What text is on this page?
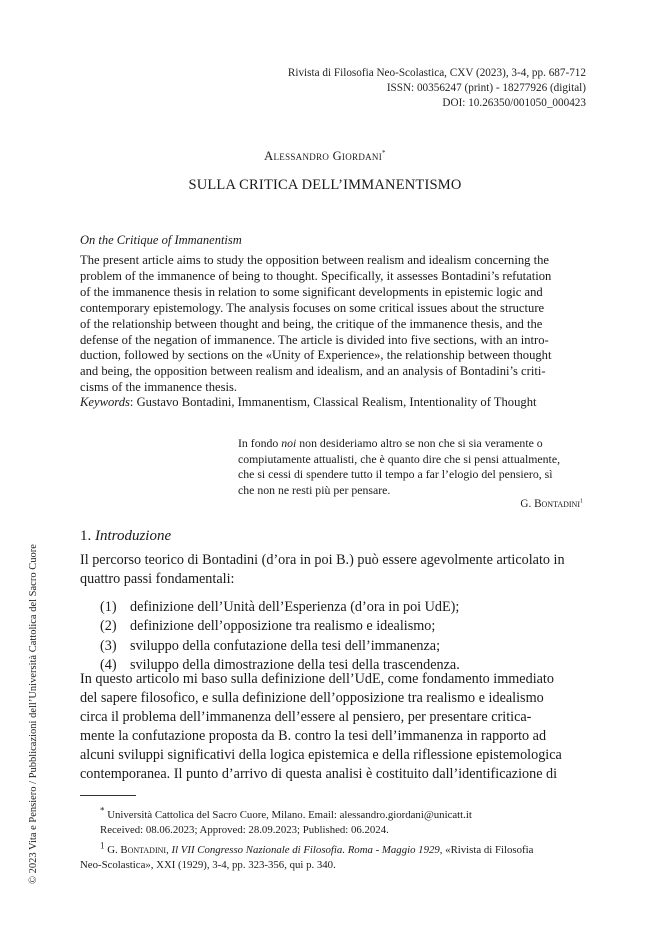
Rivista di Filosofia Neo-Scolastica, CXV (2023), 3-4, pp. 687-712
ISSN: 00356247 (print) - 18277926 (digital)
DOI: 10.26350/001050_000423
Alessandro Giordani*
SULLA CRITICA DELL’IMMANENTISMO
On the Critique of Immanentism
The present article aims to study the opposition between realism and idealism concerning the
problem of the immanence of being to thought. Specifically, it assesses Bontadini’s refutation
of the immanence thesis in relation to some significant developments in epistemic logic and
contemporary epistemology. The analysis focuses on some critical issues about the structure
of the relationship between thought and being, the critique of the immanence thesis, and the
defense of the negation of immanence. The article is divided into five sections, with an intro-
duction, followed by sections on the «Unity of Experience», the relationship between thought
and being, the opposition between realism and idealism, and an analysis of Bontadini’s criti-
cisms of the immanence thesis.
Keywords: Gustavo Bontadini, Immanentism, Classical Realism, Intentionality of Thought
In fondo noi non desideriamo altro se non che si sia veramente o
compiutamente attualisti, che è quanto dire che si pensi attualmente,
che si cessi di spendere tutto il tempo a far l’elogio del pensiero, sì
che non ne resti più per pensare.
G. Bontadini$^1$
1. Introduzione
Il percorso teorico di Bontadini (d’ora in poi B.) può essere agevolmente articolato in
quattro passi fondamentali:
(1) definizione dell’Unità dell’Esperienza (d’ora in poi UdE);
(2) definizione dell’opposizione tra realismo e idealismo;
(3) sviluppo della confutazione della tesi dell’immanenza;
(4) sviluppo della dimostrazione della tesi della trascendenza.
In questo articolo mi baso sulla definizione dell’UdE, come fondamento immediato
del sapere filosofico, e sulla definizione dell’opposizione tra realismo e idealismo
circa il problema dell’immanenza dell’essere al pensiero, per presentare critica-
mente la confutazione proposta da B. contro la tesi dell’immanenza in rapporto ad
alcuni sviluppi significativi della logica epistemica e della riflessione epistemologica
contemporanea. Il punto d’arrivo di questa analisi è costituito dall’identificazione di
* Università Cattolica del Sacro Cuore, Milano. Email: alessandro.giordani@unicatt.it
Received: 08.06.2023; Approved: 28.09.2023; Published: 06.2024.
$^1$ G. Bontadini, Il VII Congresso Nazionale di Filosofia. Roma - Maggio 1929, «Rivista di Filosofia
Neo-Scolastica», XXI (1929), 3-4, pp. 323-356, qui p. 340.
© 2023 Vita e Pensiero / Pubblicazioni dell’Università Cattolica del Sacro Cuore
